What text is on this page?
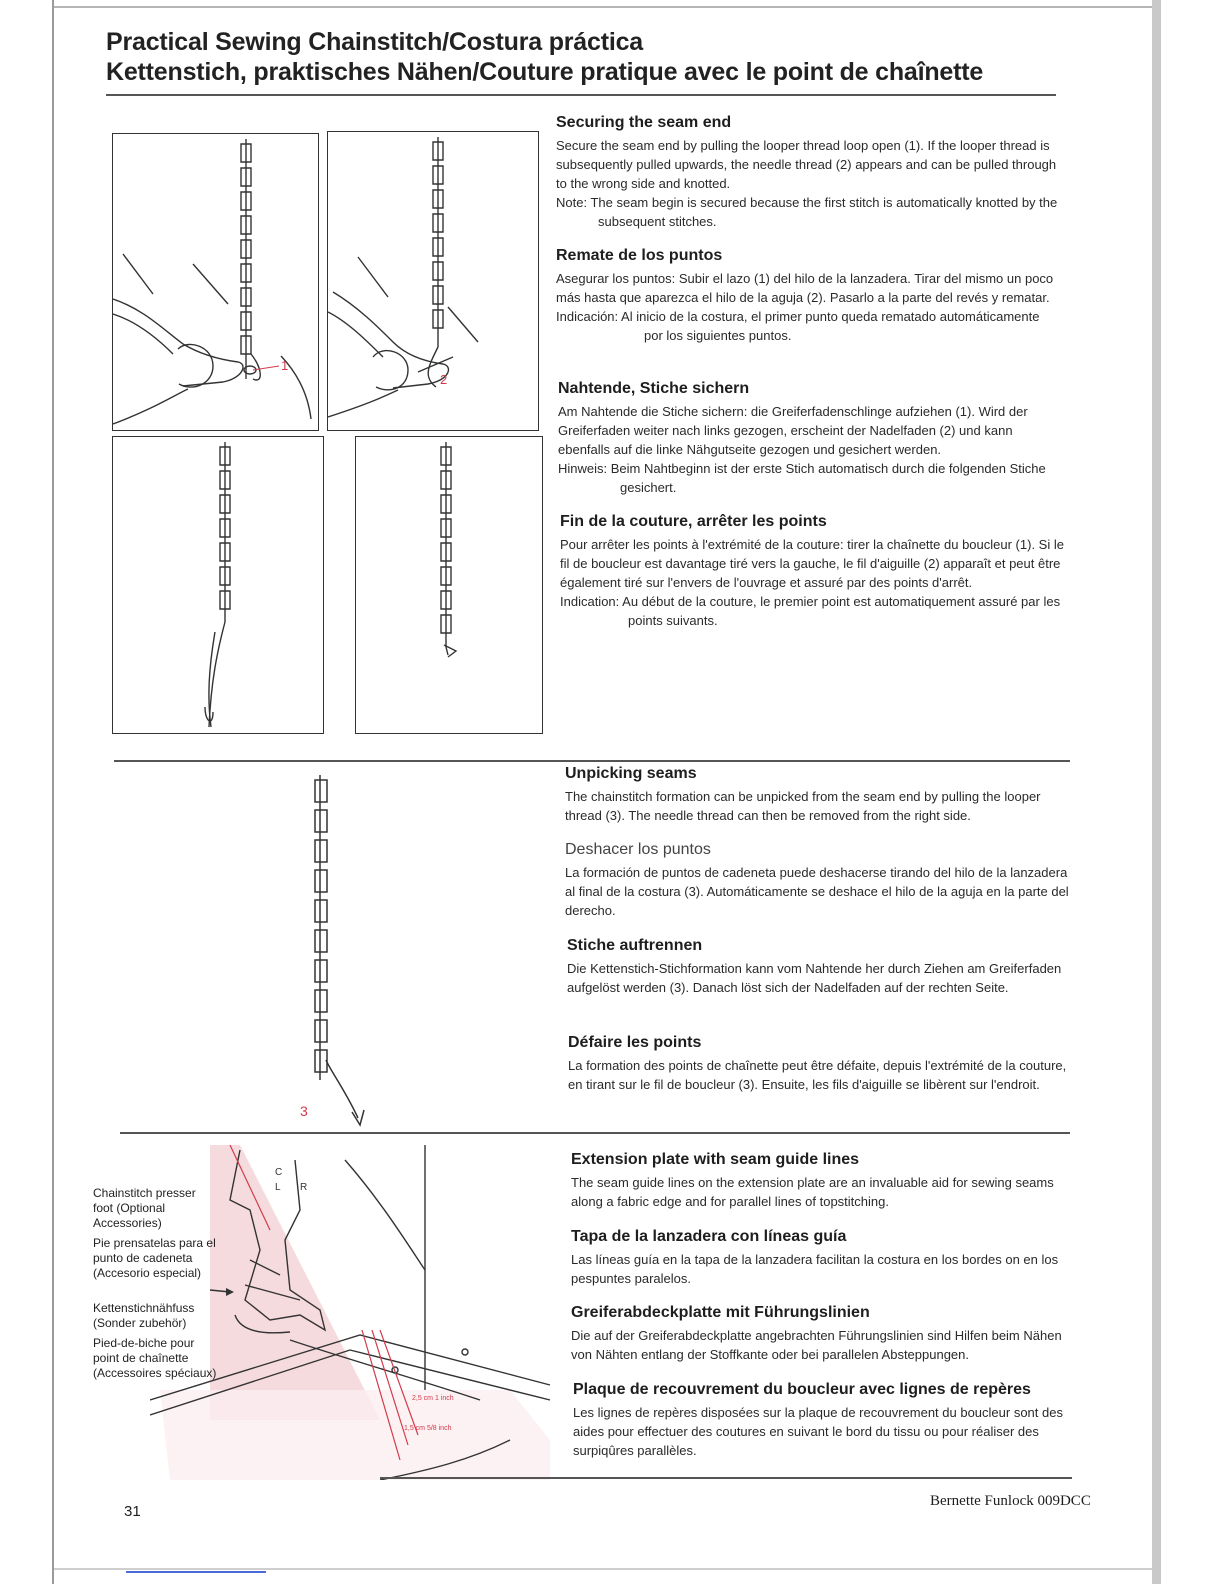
Practical Sewing Chainstitch/Costura práctica
Kettenstich, praktisches Nähen/Couture pratique avec le point de chaînette
1
2
Securing the seam end

Secure the seam end by pulling the looper thread loop open (1). If the looper thread is subsequently pulled upwards, the needle thread (2) appears and can be pulled through to the wrong side and knotted.

Note: The seam begin is secured because the first stitch is automatically knotted by the subsequent stitches.

Remate de los puntos

Asegurar los puntos: Subir el lazo (1) del hilo de la lanzadera. Tirar del mismo un poco más hasta que aparezca el hilo de la aguja (2). Pasarlo a la parte del revés y rematar.

Indicación: Al inicio de la costura, el primer punto queda rematado automáticamente por los siguientes puntos.

Nahtende, Stiche sichern

Am Nahtende die Stiche sichern: die Greiferfadenschlinge aufziehen (1). Wird der Greiferfaden weiter nach links gezogen, erscheint der Nadelfaden (2) und kann ebenfalls auf die linke Nähgutseite gezogen und gesichert werden.

Hinweis: Beim Nahtbeginn ist der erste Stich automatisch durch die folgenden Stiche gesichert.

Fin de la couture, arrêter les points

Pour arrêter les points à l'extrémité de la couture: tirer la chaînette du boucleur (1). Si le fil de boucleur est davantage tiré vers la gauche, le fil d'aiguille (2) apparaît et peut être également tiré sur l'envers de l'ouvrage et assuré par des points d'arrêt.

Indication: Au début de la couture, le premier point est automatiquement assuré par les points suivants.

3
Unpicking seams

The chainstitch formation can be unpicked from the seam end by pulling the looper thread (3). The needle thread can then be removed from the right side.

Deshacer los puntos

La formación de puntos de cadeneta puede deshacerse tirando del hilo de la lanzadera al final de la costura (3). Automáticamente se deshace el hilo de la aguja en la parte del derecho.

Stiche auftrennen

Die Kettenstich-Stichformation kann vom Nahtende her durch Ziehen am Greiferfaden aufgelöst werden (3). Danach löst sich der Nadelfaden auf der rechten Seite.

Défaire les points

La formation des points de chaînette peut être défaite, depuis l'extrémité de la couture, en tirant sur le fil de boucleur (3). Ensuite, les fils d'aiguille se libèrent sur l'endroit.

C
L R
2,5 cm 1 inch
1,5 cm 5/8 inch
Chainstitch presser foot (Optional Accessories)
Pie prensatelas para el punto de cadeneta (Accesorio especial)
Kettenstichnähfuss (Sonder zubehör)
Pied-de-biche pour point de chaînette (Accessoires spéciaux)
Extension plate with seam guide lines

The seam guide lines on the extension plate are an invaluable aid for sewing seams along a fabric edge and for parallel lines of topstitching.

Tapa de la lanzadera con líneas guía

Las líneas guía en la tapa de la lanzadera facilitan la costura en los bordes on en los pespuntes paralelos.

Greiferabdeckplatte mit Führungslinien

Die auf der Greiferabdeckplatte angebrachten Führungslinien sind Hilfen beim Nähen von Nähten entlang der Stoffkante oder bei parallelen Absteppungen.

Plaque de recouvrement du boucleur avec lignes de repères

Les lignes de repères disposées sur la plaque de recouvrement du boucleur sont des aides pour effectuer des coutures en suivant le bord du tissu ou pour réaliser des surpiqûres parallèles.

31
Bernette Funlock 009DCC
